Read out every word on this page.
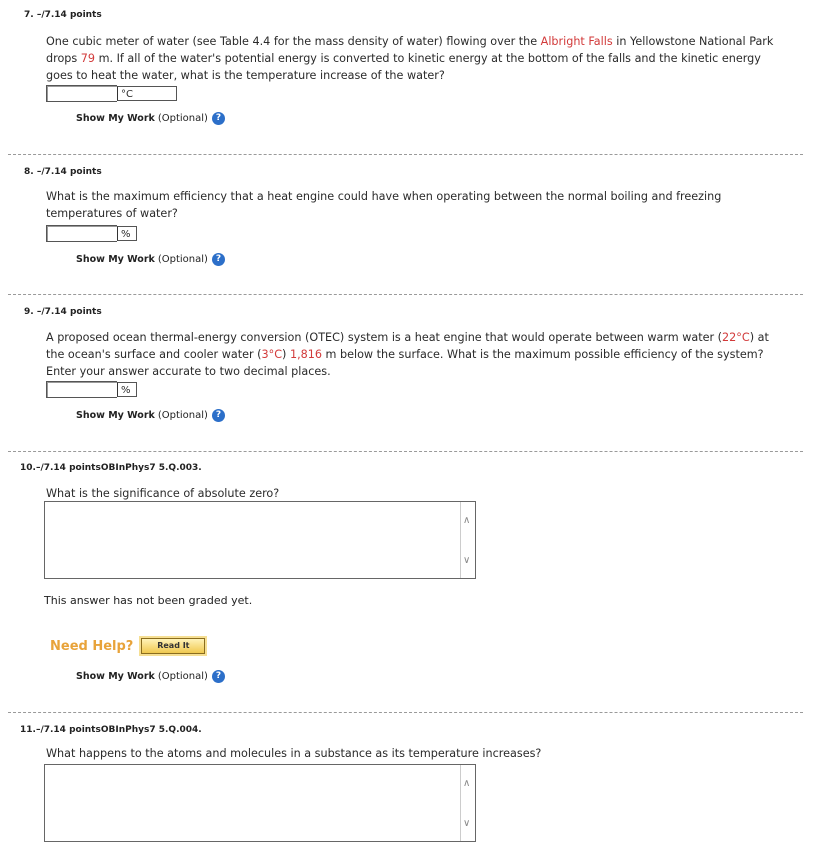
7. –/7.14 points
One cubic meter of water (see Table 4.4 for the mass density of water) flowing over the Albright Falls in Yellowstone National Park drops 79 m. If all of the water's potential energy is converted to kinetic energy at the bottom of the falls and the kinetic energy goes to heat the water, what is the temperature increase of the water?
°C
Show My Work (Optional) ?
8. –/7.14 points
What is the maximum efficiency that a heat engine could have when operating between the normal boiling and freezing temperatures of water?
%
Show My Work (Optional) ?
9. –/7.14 points
A proposed ocean thermal-energy conversion (OTEC) system is a heat engine that would operate between warm water (22°C) at the ocean's surface and cooler water (3°C) 1,816 m below the surface. What is the maximum possible efficiency of the system? Enter your answer accurate to two decimal places.
%
Show My Work (Optional) ?
10.–/7.14 pointsOBInPhys7 5.Q.003.
What is the significance of absolute zero?
∧
∨
This answer has not been graded yet.
Need Help?	Read It
Show My Work (Optional) ?
11.–/7.14 pointsOBInPhys7 5.Q.004.
What happens to the atoms and molecules in a substance as its temperature increases?
∧
∨
